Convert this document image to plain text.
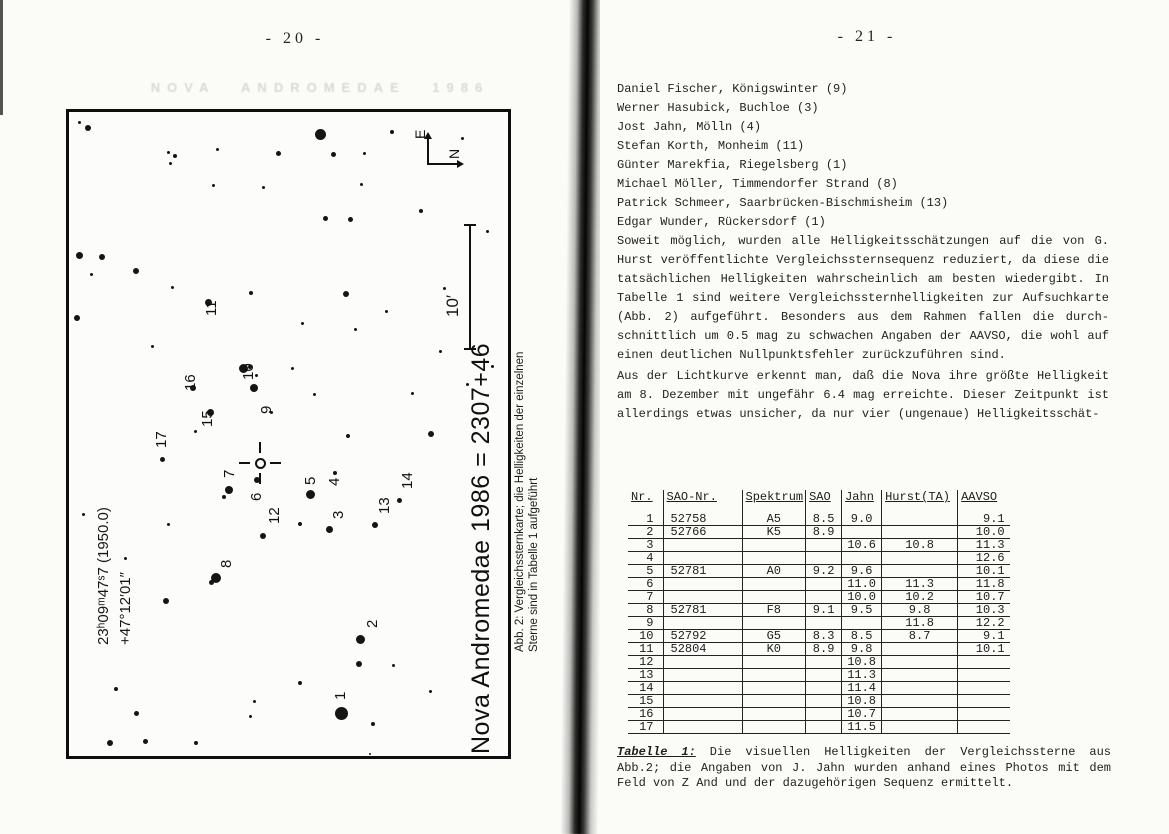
- 20 -
NOVA ANDROMEDAE 1986
1
2
3
4
5
6
7
8
9
10
11
12
13
14
15
16
17
E
N
10′
23ʰ09ᵐ47ˢ7 (1950.0) +47°12′01″	Nova Andromedae 1986 = 2307+46 Abb. 2: Vergleichssternkarte; die Helligkeiten der einzelnen Sterne sind in Tabelle 1 aufgeführt
- 21 -
Daniel Fischer, Königswinter (9)
Werner Hasubick, Buchloe (3)
Jost Jahn, Mölln (4)
Stefan Korth, Monheim (11)
Günter Marekfia, Riegelsberg (1)
Michael Möller, Timmendorfer Strand (8)
Patrick Schmeer, Saarbrücken-Bischmisheim (13)
Edgar Wunder, Rückersdorf (1)
Soweit möglich, wurden alle Helligkeitsschätzungen auf die von G.
Hurst veröffentlichte Vergleichssternsequenz reduziert, da diese die
tatsächlichen Helligkeiten wahrscheinlich am besten wiedergibt. In
Tabelle 1 sind weitere Vergleichssternhelligkeiten zur Aufsuchkarte
(Abb. 2) aufgeführt. Besonders aus dem Rahmen fallen die durch-
schnittlich um 0.5 mag zu schwachen Angaben der AAVSO, die wohl auf
einen deutlichen Nullpunktsfehler zurückzuführen sind.
Aus der Lichtkurve erkennt man, daß die Nova ihre größte Helligkeit
am 8. Dezember mit ungefähr 6.4 mag erreichte. Dieser Zeitpunkt ist
allerdings etwas unsicher, da nur vier (ungenaue) Helligkeitsschät-
Nr.	SAO-Nr.	Spektrum	SAO	Jahn	Hurst(TA)	AAVSO
1	52758	A5	8.5	9.0		9.1
2	52766	K5	8.9			10.0
3				10.6	10.8	11.3
4						12.6
5	52781	A0	9.2	9.6		10.1
6				11.0	11.3	11.8
7				10.0	10.2	10.7
8	52781	F8	9.1	9.5	9.8	10.3
9					11.8	12.2
10	52792	G5	8.3	8.5	8.7	9.1
11	52804	K0	8.9	9.8		10.1
12				10.8		
13				11.3		
14				11.4		
15				10.8		
16				10.7		
17				11.5		
Tabelle 1: Die visuellen Helligkeiten der Vergleichssterne aus
Abb.2; die Angaben von J. Jahn wurden anhand eines Photos mit dem
Feld von Z And und der dazugehörigen Sequenz ermittelt.
